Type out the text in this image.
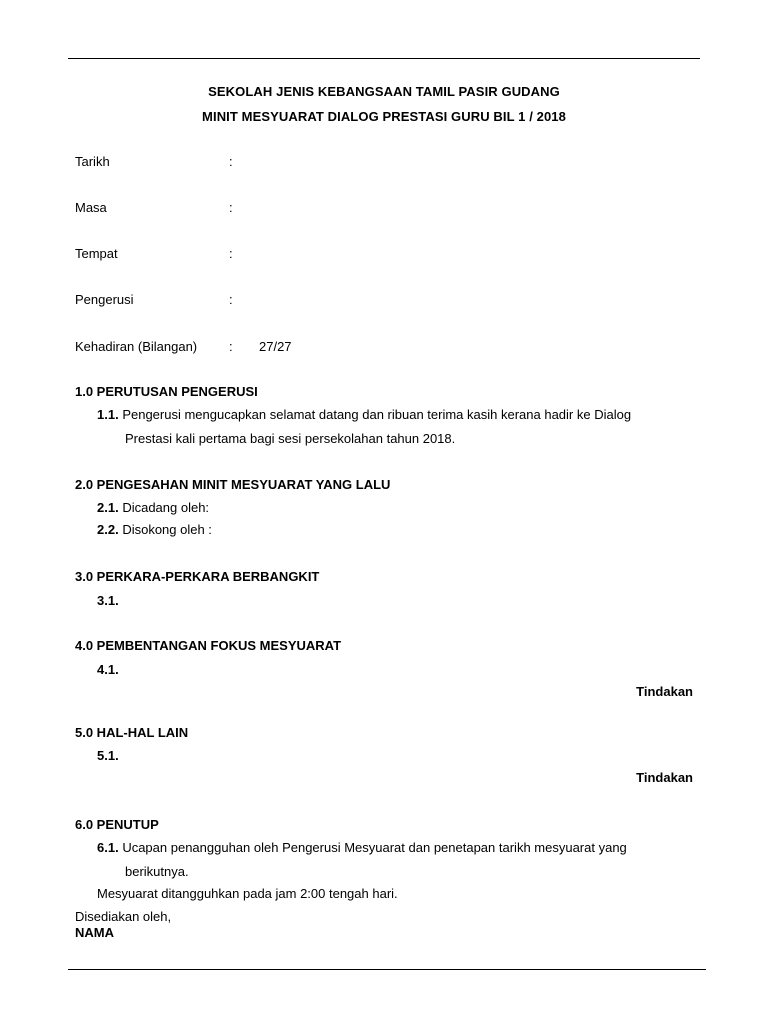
SEKOLAH JENIS KEBANGSAAN TAMIL PASIR GUDANG
MINIT MESYUARAT DIALOG PRESTASI GURU BIL 1 / 2018
Tarikh	:
Masa	:
Tempat	:
Pengerusi	:
Kehadiran (Bilangan) : 27/27
1.0 PERUTUSAN PENGERUSI
1.1. Pengerusi mengucapkan selamat datang dan ribuan terima kasih kerana hadir ke Dialog
Prestasi kali pertama bagi sesi persekolahan tahun 2018.
2.0 PENGESAHAN MINIT MESYUARAT YANG LALU
2.1. Dicadang oleh:
2.2. Disokong oleh :
3.0 PERKARA-PERKARA BERBANGKIT
3.1.
4.0 PEMBENTANGAN FOKUS MESYUARAT
4.1.
Tindakan
5.0 HAL-HAL LAIN
5.1.
Tindakan
6.0 PENUTUP
6.1. Ucapan penangguhan oleh Pengerusi Mesyuarat dan penetapan tarikh mesyuarat yang
berikutnya.
Mesyuarat ditangguhkan pada jam 2:00 tengah hari.
Disediakan oleh,
NAMA
